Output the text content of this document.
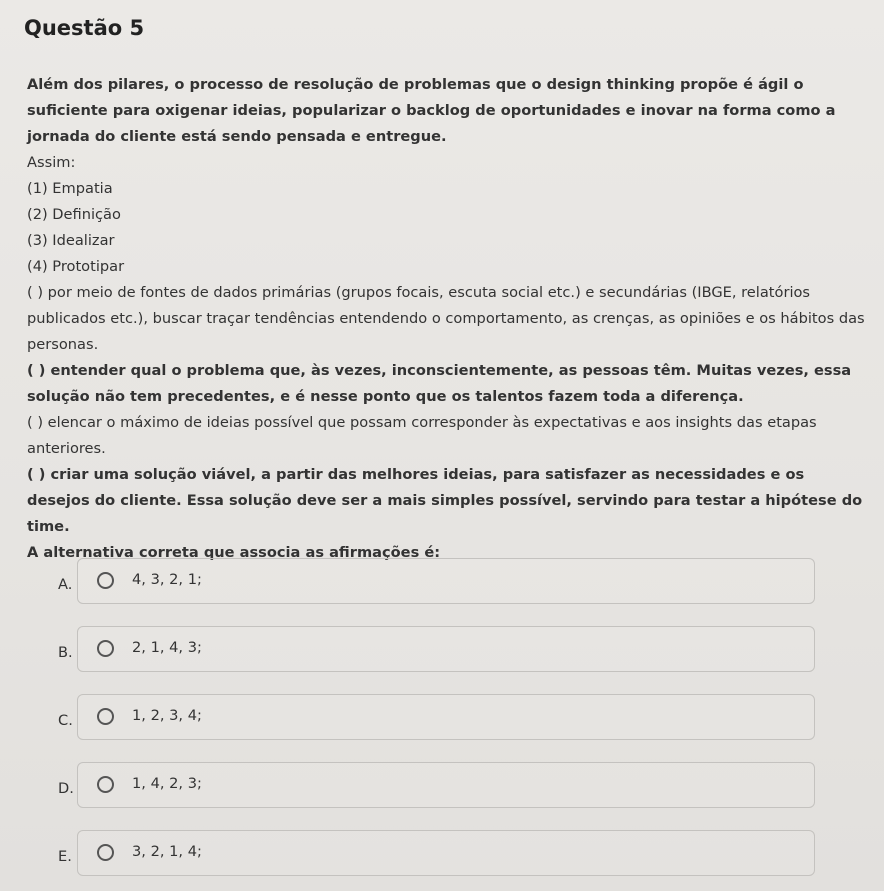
Questão 5

Além dos pilares, o processo de resolução de problemas que o design thinking propõe é ágil o suficiente para oxigenar ideias, popularizar o backlog de oportunidades e inovar na forma como a jornada do cliente está sendo pensada e entregue.

Assim:

(1) Empatia

(2) Definição

(3) Idealizar

(4) Prototipar

( ) por meio de fontes de dados primárias (grupos focais, escuta social etc.) e secundárias (IBGE, relatórios publicados etc.), buscar traçar tendências entendendo o comportamento, as crenças, as opiniões e os hábitos das personas.

( ) entender qual o problema que, às vezes, inconscientemente, as pessoas têm. Muitas vezes, essa solução não tem precedentes, e é nesse ponto que os talentos fazem toda a diferença.

( ) elencar o máximo de ideias possível que possam corresponder às expectativas e aos insights das etapas anteriores.

( ) criar uma solução viável, a partir das melhores ideias, para satisfazer as necessidades e os desejos do cliente. Essa solução deve ser a mais simples possível, servindo para testar a hipótese do time.

A alternativa correta que associa as afirmações é:

A.	4, 3, 2, 1;
B.	2, 1, 4, 3;
C.	1, 2, 3, 4;
D.	1, 4, 2, 3;
E.	3, 2, 1, 4;
